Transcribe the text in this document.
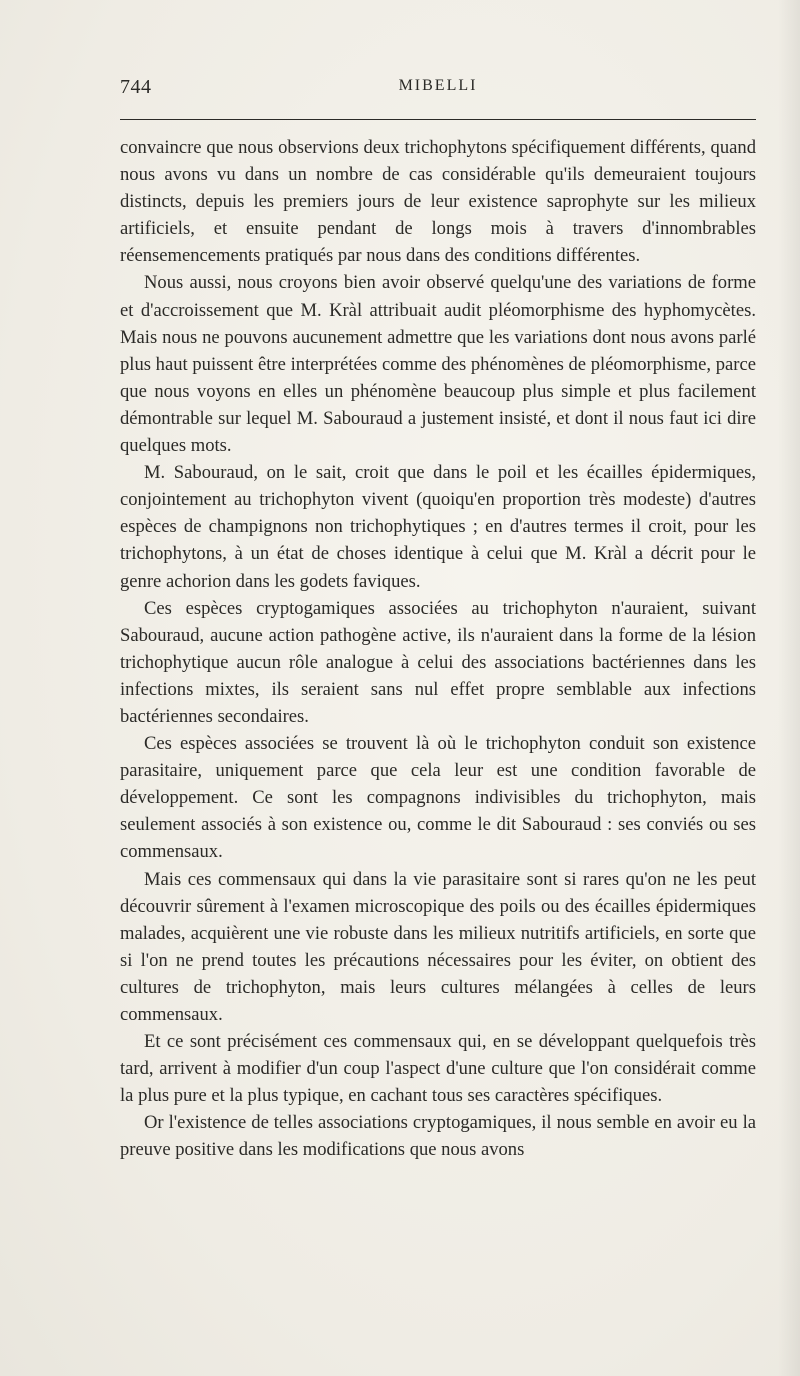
744	MIBELLI

convaincre que nous observions deux trichophytons spécifiquement différents, quand nous avons vu dans un nombre de cas considérable qu'ils demeuraient toujours distincts, depuis les premiers jours de leur existence saprophyte sur les milieux artificiels, et ensuite pendant de longs mois à travers d'innombrables réensemencements pratiqués par nous dans des conditions différentes.

Nous aussi, nous croyons bien avoir observé quelqu'une des variations de forme et d'accroissement que M. Kràl attribuait audit pléomorphisme des hyphomycètes. Mais nous ne pouvons aucunement admettre que les variations dont nous avons parlé plus haut puissent être interprétées comme des phénomènes de pléomorphisme, parce que nous voyons en elles un phénomène beaucoup plus simple et plus facilement démontrable sur lequel M. Sabouraud a justement insisté, et dont il nous faut ici dire quelques mots.

M. Sabouraud, on le sait, croit que dans le poil et les écailles épidermiques, conjointement au trichophyton vivent (quoiqu'en proportion très modeste) d'autres espèces de champignons non trichophytiques ; en d'autres termes il croit, pour les trichophytons, à un état de choses identique à celui que M. Kràl a décrit pour le genre achorion dans les godets faviques.

Ces espèces cryptogamiques associées au trichophyton n'auraient, suivant Sabouraud, aucune action pathogène active, ils n'auraient dans la forme de la lésion trichophytique aucun rôle analogue à celui des associations bactériennes dans les infections mixtes, ils seraient sans nul effet propre semblable aux infections bactériennes secondaires.

Ces espèces associées se trouvent là où le trichophyton conduit son existence parasitaire, uniquement parce que cela leur est une condition favorable de développement. Ce sont les compagnons indivisibles du trichophyton, mais seulement associés à son existence ou, comme le dit Sabouraud : ses conviés ou ses commensaux.

Mais ces commensaux qui dans la vie parasitaire sont si rares qu'on ne les peut découvrir sûrement à l'examen microscopique des poils ou des écailles épidermiques malades, acquièrent une vie robuste dans les milieux nutritifs artificiels, en sorte que si l'on ne prend toutes les précautions nécessaires pour les éviter, on obtient des cultures de trichophyton, mais leurs cultures mélangées à celles de leurs commensaux.

Et ce sont précisément ces commensaux qui, en se développant quelquefois très tard, arrivent à modifier d'un coup l'aspect d'une culture que l'on considérait comme la plus pure et la plus typique, en cachant tous ses caractères spécifiques.

Or l'existence de telles associations cryptogamiques, il nous semble en avoir eu la preuve positive dans les modifications que nous avons
